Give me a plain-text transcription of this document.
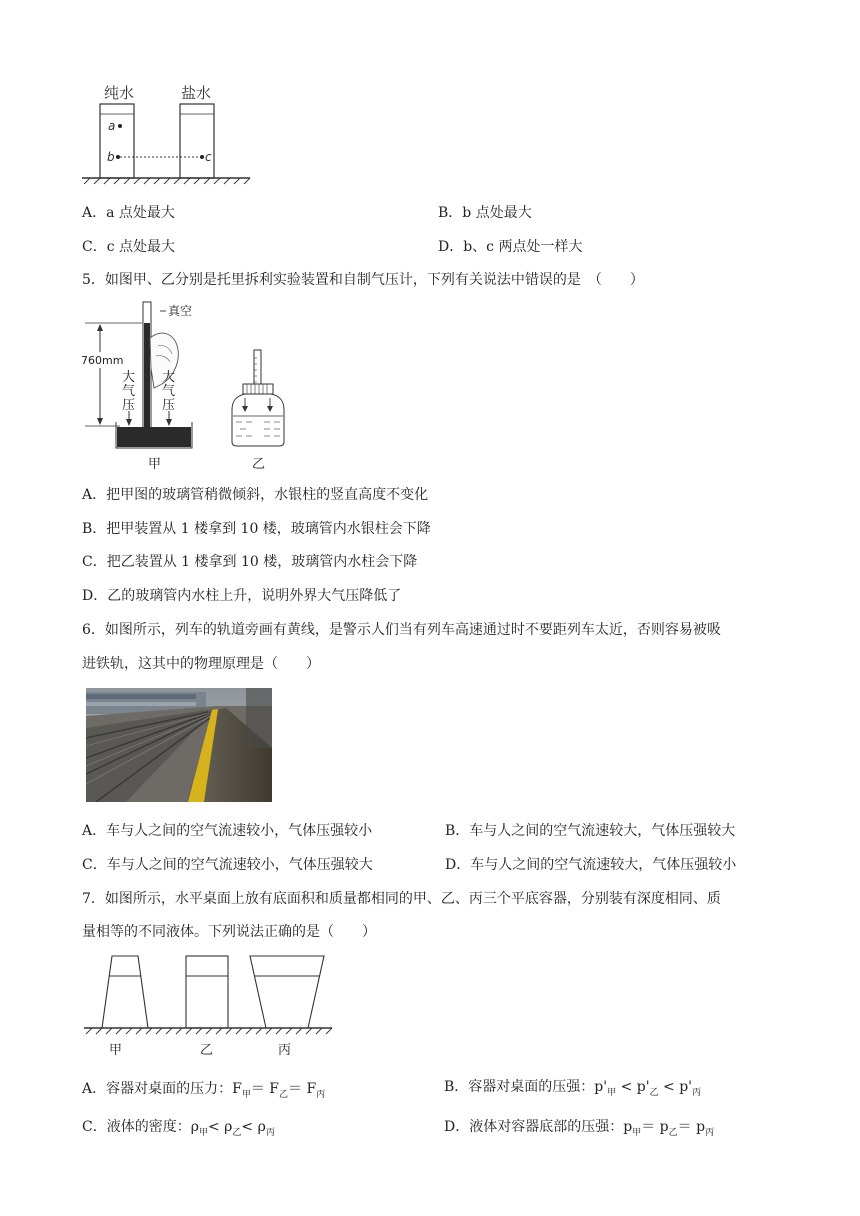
纯水	盐水
a
b	c
A．a 点处最大	B．b 点处最大
C．c 点处最大	D．b、c 两点处一样大
5．如图甲、乙分别是托里拆利实验装置和自制气压计，下列有关说法中错误的是　（　　）
760mm
真空
大
气
压
大
气
压
甲	乙
A．把甲图的玻璃管稍微倾斜，水银柱的竖直高度不变化
B．把甲装置从 1 楼拿到 10 楼，玻璃管内水银柱会下降
C．把乙装置从 1 楼拿到 10 楼，玻璃管内水柱会下降
D．乙的玻璃管内水柱上升，说明外界大气压降低了
6．如图所示，列车的轨道旁画有黄线，是警示人们当有列车高速通过时不要距列车太近，否则容易被吸
进铁轨，这其中的物理原理是（　　）
A．车与人之间的空气流速较小，气体压强较小	B．车与人之间的空气流速较大，气体压强较大
C．车与人之间的空气流速较小，气体压强较大	D．车与人之间的空气流速较大，气体压强较小
7．如图所示，水平桌面上放有底面积和质量都相同的甲、乙、丙三个平底容器，分别装有深度相同、质
量相等的不同液体。下列说法正确的是（　　）
甲	乙	丙
A．容器对桌面的压力：$F_甲= F_乙= F_丙$	B．容器对桌面的压强：$p'_甲 < p'_乙 < p'_丙$
C．液体的密度：$\rho_甲< \rho_乙< \rho_丙$	D．液体对容器底部的压强：$p_甲= p_乙= p_丙$
